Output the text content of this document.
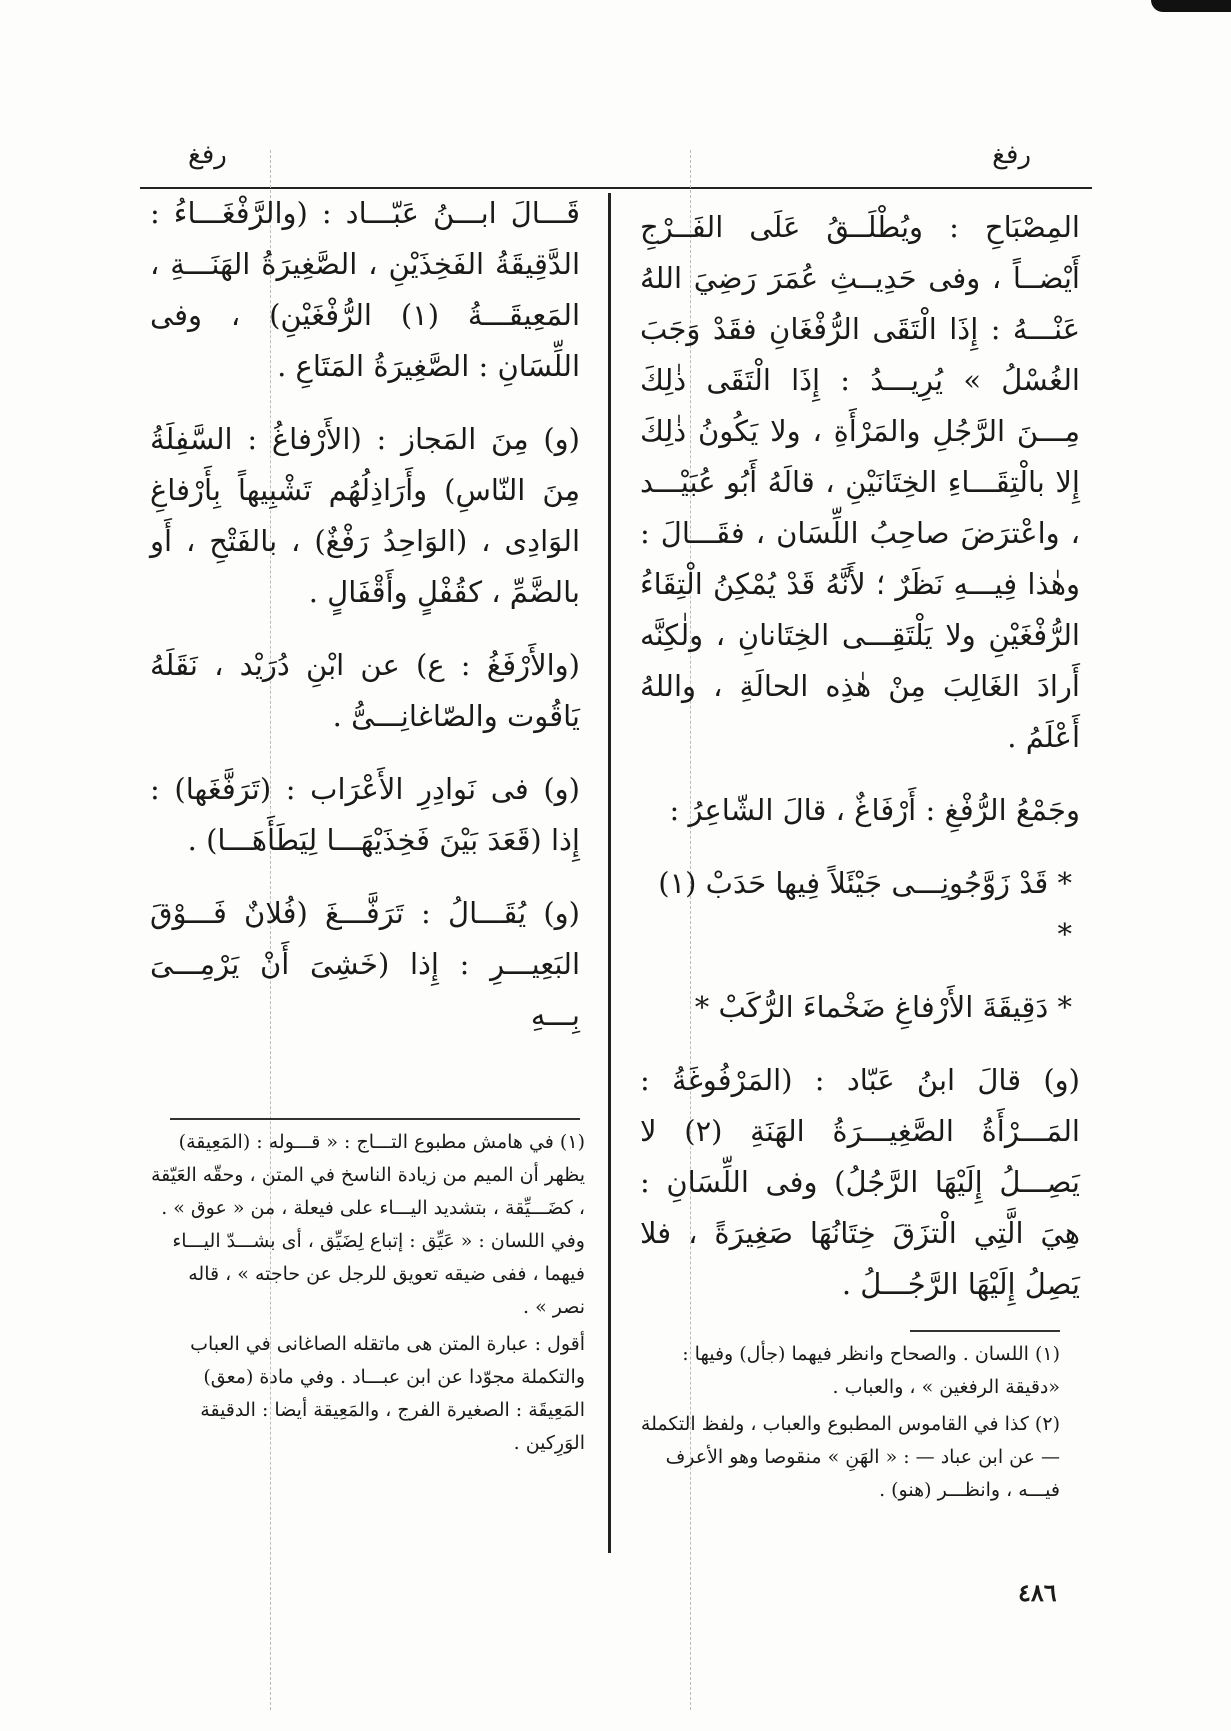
رفغ
رفغ

المِصْبَاحِ : ويُطْلَــقُ عَلَى الفَــرْجِ أَيْضــاً ، وفى حَدِيــثِ عُمَرَ رَضِيَ اللهُ عَنْـــهُ : إِذَا الْتَقَى الرُّفْغَانِ فقَدْ وَجَبَ الغُسْلُ » يُرِيـــدُ : إِذَا الْتَقَى ذٰلِكَ مِـــنَ الرَّجُلِ والمَرْأَةِ ، ولا يَكُونُ ذٰلِكَ إِلا بالْتِقَـــاءِ الخِتَانَيْنِ ، قالَهُ أَبُو عُبَيْـــد ، واعْترَضَ صاحِبُ اللِّسَان ، فقَـــالَ : وهٰذا فِيـــهِ نَظَرٌ ؛ لأَنَّهُ قَدْ يُمْكِنُ الْتِقَاءُ الرُّفْغَيْنِ ولا يَلْتَقِـــى الخِتَانانِ ، ولٰكِنَّه أَرادَ الغَالِبَ مِنْ هٰذِه الحالَةِ ، واللهُ أَعْلَمُ .

وجَمْعُ الرُّفْغِ : أَرْفَاغٌ ، قالَ الشّاعِرُ :

* قَدْ زَوَّجُونِـــى جَيْئَلاً فِيها حَدَبْ (١) *

* دَقِيقَةَ الأَرْفاغِ ضَخْماءَ الرُّكَبْ *

(و) قالَ ابنُ عَبّاد : (المَرْفُوغَةُ : المَـــرْأَةُ الصَّغِيـــرَةُ الهَنَةِ (٢) لا يَصِـــلُ إِلَيْهَا الرَّجُلُ) وفى اللِّسَانِ : هِيَ الَّتِي الْتزَقَ خِتَانُهَا صَغِيرَةً ، فلا يَصِلُ إِلَيْهَا الرَّجُـــلُ .

قَـــالَ ابـــنُ عَبّـــاد : (والرَّفْغَـــاءُ : الدَّقِيقَةُ الفَخِذَيْنِ ، الصَّغِيرَةُ الهَنَـــةِ ، المَعِيقَـــةُ (١) الرُّفْغَيْنِ) ، وفى اللِّسَانِ : الصَّغِيرَةُ المَتَاعِ .

(و) مِنَ المَجاز : (الأَرْفاغُ : السَّفِلَةُ مِنَ النّاسِ) وأَرَاذِلُهُم تَشْبِيهاً بِأَرْفاغِ الوَادِى ، (الوَاحِدُ رَفْغٌ) ، بالفَتْحِ ، أَو بالضَّمِّ ، كقُفْلٍ وأَقْفَالٍ .

(والأَرْفَغُ : ع) عن ابْنِ دُرَيْد ، نَقَلَهُ يَاقُوت والصّاغانِـــىُّ .

(و) فى نَوادِرِ الأَعْرَاب : (تَرَفَّغَها) : إِذا (قَعَدَ بَيْنَ فَخِذَيْهَـــا لِيَطَأَهَـــا) .

(و) يُقَـــالُ : تَرَفَّـــغَ (فُلانٌ فَـــوْقَ البَعِيـــرِ : إِذا (خَشِىَ أَنْ يَرْمِـــىَ بِـــهِ

(١) اللسان . والصحاح وانظر فيهما (جأل) وفيها : «دقيقة الرفغين » ، والعباب .

(٢) كذا في القاموس المطبوع والعباب ، ولفظ التكملة — عن ابن عباد — : « الهَنِ » منقوصا وهو الأعرف فيـــه ، وانظـــر (هنو) .

(١) في هامش مطبوع التـــاج : « قـــوله : (المَعِيقة) يظهر أن الميم من زيادة الناسخ في المتن ، وحقّه العَيّقة ، كضَـــيِّقة ، بتشديد اليـــاء على فيعلة ، من « عوق » . وفي اللسان : « عَيِّق : إتباع لِضَيِّق ، أى بشـــدّ اليـــاء فيهما ، ففى ضيقه تعويق للرجل عن حاجته » ، قاله نصر » .

أقول : عبارة المتن هى ماتقله الصاغانى في العباب والتكملة مجوّدا عن ابن عبـــاد . وفي مادة (معق) المَعِيقَة : الصغيرة الفرج ، والمَعِيقة أيضا : الدقيقة الوَرِكين .

٤٨٦
